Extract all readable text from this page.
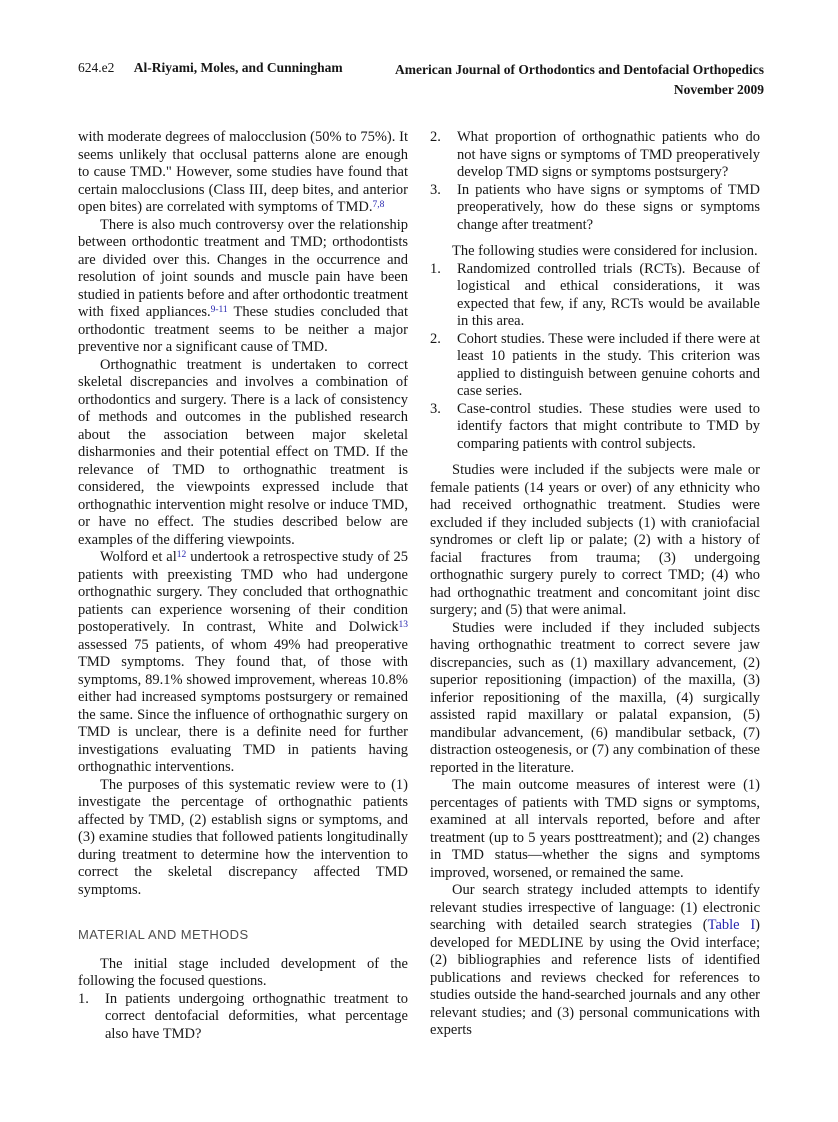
624.e2 Al-Riyami, Moles, and Cunningham	American Journal of Orthodontics and Dentofacial Orthopedics
November 2009
with moderate degrees of malocclusion (50% to 75%). It seems unlikely that occlusal patterns alone are enough to cause TMD." However, some studies have found that certain malocclusions (Class III, deep bites, and anterior open bites) are correlated with symptoms of TMD.$^{7,8}$
There is also much controversy over the relationship between orthodontic treatment and TMD; orthodontists are divided over this. Changes in the occurrence and resolution of joint sounds and muscle pain have been studied in patients before and after orthodontic treatment with fixed appliances.$^{9-11}$ These studies concluded that orthodontic treatment seems to be neither a major preventive nor a significant cause of TMD.
Orthognathic treatment is undertaken to correct skeletal discrepancies and involves a combination of orthodontics and surgery. There is a lack of consistency of methods and outcomes in the published research about the association between major skeletal disharmonies and their potential effect on TMD. If the relevance of TMD to orthognathic treatment is considered, the viewpoints expressed include that orthognathic intervention might resolve or induce TMD, or have no effect. The studies described below are examples of the differing viewpoints.
Wolford et $al^{12}$ undertook a retrospective study of 25 patients with preexisting TMD who had undergone orthognathic surgery. They concluded that orthognathic patients can experience worsening of their condition postoperatively. In contrast, White and Dolwick$^{13}$ assessed 75 patients, of whom 49% had preoperative TMD symptoms. They found that, of those with symptoms, 89.1% showed improvement, whereas 10.8% either had increased symptoms postsurgery or remained the same. Since the influence of orthognathic surgery on TMD is unclear, there is a definite need for further investigations evaluating TMD in patients having orthognathic interventions.
The purposes of this systematic review were to (1) investigate the percentage of orthognathic patients affected by TMD, (2) establish signs or symptoms, and (3) examine studies that followed patients longitudinally during treatment to determine how the intervention to correct the skeletal discrepancy affected TMD symptoms.
MATERIAL AND METHODS
The initial stage included development of the following the focused questions.
1.	In patients undergoing orthognathic treatment to correct dentofacial deformities, what percentage also have TMD?
2.	What proportion of orthognathic patients who do not have signs or symptoms of TMD preoperatively develop TMD signs or symptoms postsurgery?
3.	In patients who have signs or symptoms of TMD preoperatively, how do these signs or symptoms change after treatment?
The following studies were considered for inclusion.
1.	Randomized controlled trials (RCTs). Because of logistical and ethical considerations, it was expected that few, if any, RCTs would be available in this area.
2.	Cohort studies. These were included if there were at least 10 patients in the study. This criterion was applied to distinguish between genuine cohorts and case series.
3.	Case-control studies. These studies were used to identify factors that might contribute to TMD by comparing patients with control subjects.
Studies were included if the subjects were male or female patients (14 years or over) of any ethnicity who had received orthognathic treatment. Studies were excluded if they included subjects (1) with craniofacial syndromes or cleft lip or palate; (2) with a history of facial fractures from trauma; (3) undergoing orthognathic surgery purely to correct TMD; (4) who had orthognathic treatment and concomitant joint disc surgery; and (5) that were animal.
Studies were included if they included subjects having orthognathic treatment to correct severe jaw discrepancies, such as (1) maxillary advancement, (2) superior repositioning (impaction) of the maxilla, (3) inferior repositioning of the maxilla, (4) surgically assisted rapid maxillary or palatal expansion, (5) mandibular advancement, (6) mandibular setback, (7) distraction osteogenesis, or (7) any combination of these reported in the literature.
The main outcome measures of interest were (1) percentages of patients with TMD signs or symptoms, examined at all intervals reported, before and after treatment (up to 5 years posttreatment); and (2) changes in TMD status—whether the signs and symptoms improved, worsened, or remained the same.
Our search strategy included attempts to identify relevant studies irrespective of language: (1) electronic searching with detailed search strategies (Table I) developed for MEDLINE by using the Ovid interface; (2) bibliographies and reference lists of identified publications and reviews checked for references to studies outside the hand-searched journals and any other relevant studies; and (3) personal communications with experts
